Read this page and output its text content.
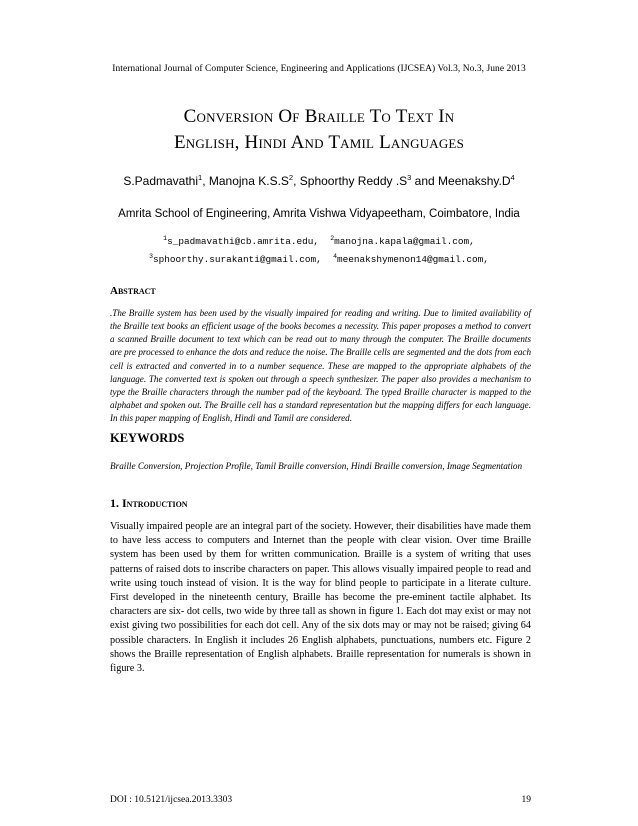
International Journal of Computer Science, Engineering and Applications (IJCSEA) Vol.3, No.3, June 2013
Conversion Of Braille To Text In
English, Hindi And Tamil Languages
S.Padmavathi$^1$, Manojna $K.S.S^2$, Sphoorthy Reddy $.S^3$ and $Meenakshy.D^4$
Amrita School of Engineering, Amrita Vishwa Vidyapeetham, Coimbatore, India
$^1$s_padmavathi@cb.amrita.edu, $^2$manojna.kapala@gmail.com,
$^3$sphoorthy.surakanti@gmail.com, $^4$meenakshymenon14@gmail.com,
Abstract
.The Braille system has been used by the visually impaired for reading and writing. Due to limited availability of the Braille text books an efficient usage of the books becomes a necessity. This paper proposes a method to convert a scanned Braille document to text which can be read out to many through the computer. The Braille documents are pre processed to enhance the dots and reduce the noise. The Braille cells are segmented and the dots from each cell is extracted and converted in to a number sequence. These are mapped to the appropriate alphabets of the language. The converted text is spoken out through a speech synthesizer. The paper also provides a mechanism to type the Braille characters through the number pad of the keyboard. The typed Braille character is mapped to the alphabet and spoken out. The Braille cell has a standard representation but the mapping differs for each language. In this paper mapping of English, Hindi and Tamil are considered.
KEYWORDS
Braille Conversion, Projection Profile, Tamil Braille conversion, Hindi Braille conversion, Image Segmentation
1. Introduction
Visually impaired people are an integral part of the society. However, their disabilities have made them to have less access to computers and Internet than the people with clear vision. Over time Braille system has been used by them for written communication. Braille is a system of writing that uses patterns of raised dots to inscribe characters on paper. This allows visually impaired people to read and write using touch instead of vision. It is the way for blind people to participate in a literate culture. First developed in the nineteenth century, Braille has become the pre-eminent tactile alphabet. Its characters are six- dot cells, two wide by three tall as shown in figure 1. Each dot may exist or may not exist giving two possibilities for each dot cell. Any of the six dots may or may not be raised; giving 64 possible characters. In English it includes 26 English alphabets, punctuations, numbers etc. Figure 2 shows the Braille representation of English alphabets. Braille representation for numerals is shown in figure 3.
DOI : 10.5121/ijcsea.2013.3303	19
